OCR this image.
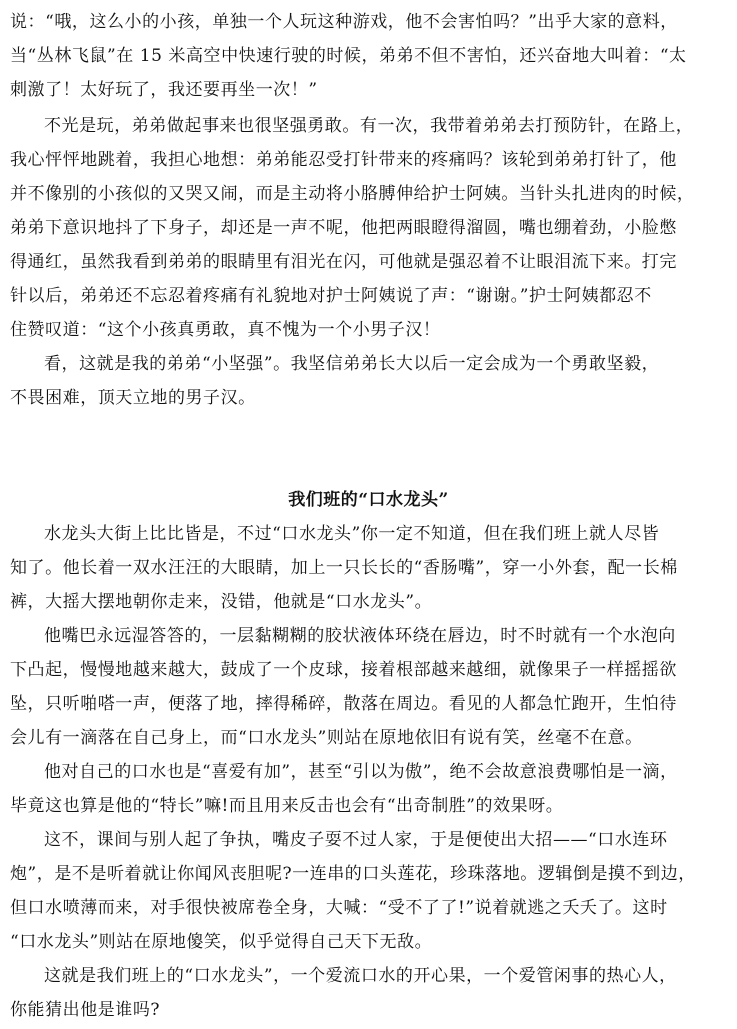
说：“哦，这么小的小孩，单独一个人玩这种游戏，他不会害怕吗？”出乎大家的意料，
当“丛林飞鼠”在 15 米高空中快速行驶的时候，弟弟不但不害怕，还兴奋地大叫着：“太
刺激了！太好玩了，我还要再坐一次！”
不光是玩，弟弟做起事来也很坚强勇敢。有一次，我带着弟弟去打预防针，在路上，
我心怦怦地跳着，我担心地想：弟弟能忍受打针带来的疼痛吗？该轮到弟弟打针了，他
并不像别的小孩似的又哭又闹，而是主动将小胳膊伸给护士阿姨。当针头扎进肉的时候，
弟弟下意识地抖了下身子，却还是一声不呢，他把两眼瞪得溜圆，嘴也绷着劲，小脸憋
得通红，虽然我看到弟弟的眼睛里有泪光在闪，可他就是强忍着不让眼泪流下来。打完
针以后，弟弟还不忘忍着疼痛有礼貌地对护士阿姨说了声：“谢谢。”护士阿姨都忍不
住赞叹道：“这个小孩真勇敢，真不愧为一个小男子汉！
看，这就是我的弟弟“小坚强”。我坚信弟弟长大以后一定会成为一个勇敢坚毅，
不畏困难，顶天立地的男子汉。
我们班的“口水龙头”
水龙头大街上比比皆是，不过“口水龙头”你一定不知道，但在我们班上就人尽皆
知了。他长着一双水汪汪的大眼睛，加上一只长长的“香肠嘴”，穿一小外套，配一长棉
裤，大摇大摆地朝你走来，没错，他就是“口水龙头”。
他嘴巴永远湿答答的，一层黏糊糊的胶状液体环绕在唇边，时不时就有一个水泡向
下凸起，慢慢地越来越大，鼓成了一个皮球，接着根部越来越细，就像果子一样摇摇欲
坠，只听啪嗒一声，便落了地，摔得稀碎，散落在周边。看见的人都急忙跑开，生怕待
会儿有一滴落在自己身上，而“口水龙头”则站在原地依旧有说有笑，丝毫不在意。
他对自己的口水也是“喜爱有加”，甚至“引以为傲”，绝不会故意浪费哪怕是一滴，
毕竟这也算是他的“特长”嘛!而且用来反击也会有“出奇制胜”的效果呀。
这不，课间与别人起了争执，嘴皮子耍不过人家，于是便使出大招——“口水连环
炮”，是不是听着就让你闻风丧胆呢?一连串的口头莲花，珍珠落地。逻辑倒是摸不到边，
但口水喷薄而来，对手很快被席卷全身，大喊：“受不了了!”说着就逃之夭夭了。这时
“口水龙头”则站在原地傻笑，似乎觉得自己天下无敌。
这就是我们班上的“口水龙头”，一个爱流口水的开心果，一个爱管闲事的热心人，
你能猜出他是谁吗?
